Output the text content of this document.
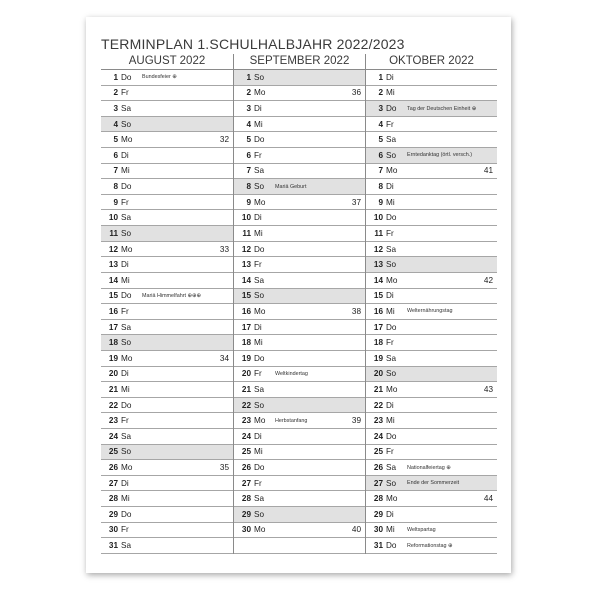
TERMINPLAN 1.SCHULHALBJAHR 2022/2023
AUGUST 2022
1 Do	Bundesfeier ⊕
2 Fr
3 Sa
4 So
5 Mo	32
6 Di
7 Mi
8 Do
9 Fr
10 Sa
11 So
12 Mo	33
13 Di
14 Mi
15 Do	Mariä Himmelfahrt ⊕⊕⊕
16 Fr
17 Sa
18 So
19 Mo	34
20 Di
21 Mi
22 Do
23 Fr
24 Sa
25 So
26 Mo	35
27 Di
28 Mi
29 Do
30 Fr
31 Sa
SEPTEMBER 2022
1 So
2 Mo	36
3 Di
4 Mi
5 Do
6 Fr
7 Sa
8 So	Mariä Geburt
9 Mo	37
10 Di
11 Mi
12 Do
13 Fr
14 Sa
15 So
16 Mo	38
17 Di
18 Mi
19 Do
20 Fr	Weltkindertag
21 Sa
22 So
23 Mo	Herbstanfang	39
24 Di
25 Mi
26 Do
27 Fr
28 Sa
29 So
30 Mo	40
OKTOBER 2022
1 Di
2 Mi
3 Do	Tag der Deutschen Einheit ⊕
4 Fr
5 Sa
6 So	Erntedanktag (örtl. versch.)
7 Mo	41
8 Di
9 Mi
10 Do
11 Fr
12 Sa
13 So
14 Mo	42
15 Di
16 Mi	Welternährungstag
17 Do
18 Fr
19 Sa
20 So
21 Mo	43
22 Di
23 Mi
24 Do
25 Fr
26 Sa	Nationalfeiertag ⊕
27 So	Ende der Sommerzeit
28 Mo	44
29 Di
30 Mi	Weltspartag
31 Do	Reformationstag ⊕
